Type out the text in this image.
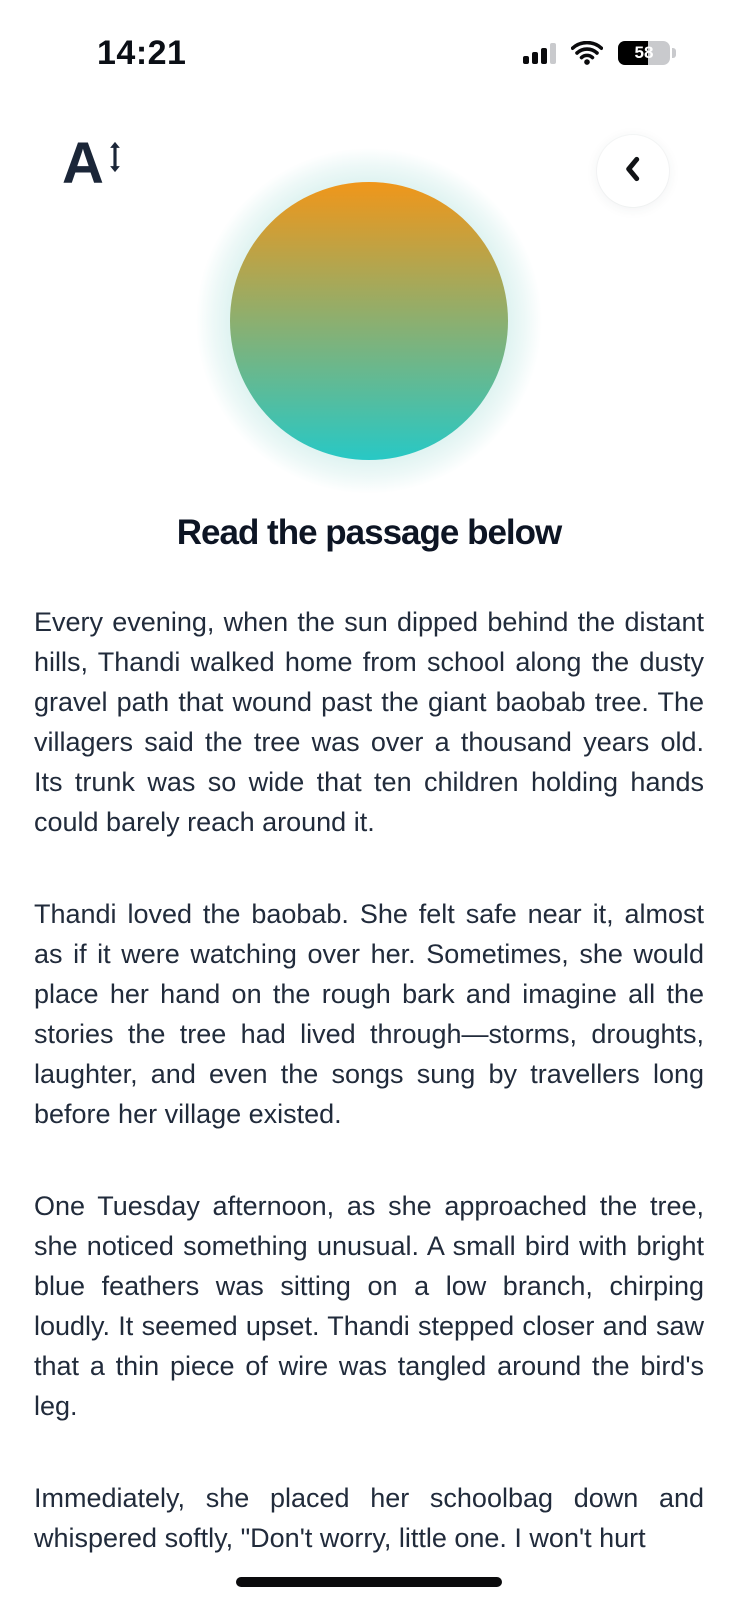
14:21	58
A
Read the passage below

Every evening, when the sun dipped behind the distant hills, Thandi walked home from school along the dusty gravel path that wound past the giant baobab tree. The villagers said the tree was over a thousand years old. Its trunk was so wide that ten children holding hands could barely reach around it.

Thandi loved the baobab. She felt safe near it, almost as if it were watching over her. Sometimes, she would place her hand on the rough bark and imagine all the stories the tree had lived through—storms, droughts, laughter, and even the songs sung by travellers long before her village existed.

One Tuesday afternoon, as she approached the tree, she noticed something unusual. A small bird with bright blue feathers was sitting on a low branch, chirping loudly. It seemed upset. Thandi stepped closer and saw that a thin piece of wire was tangled around the bird's leg.

Immediately, she placed her schoolbag down and whispered softly, "Don't worry, little one. I won't hurt
